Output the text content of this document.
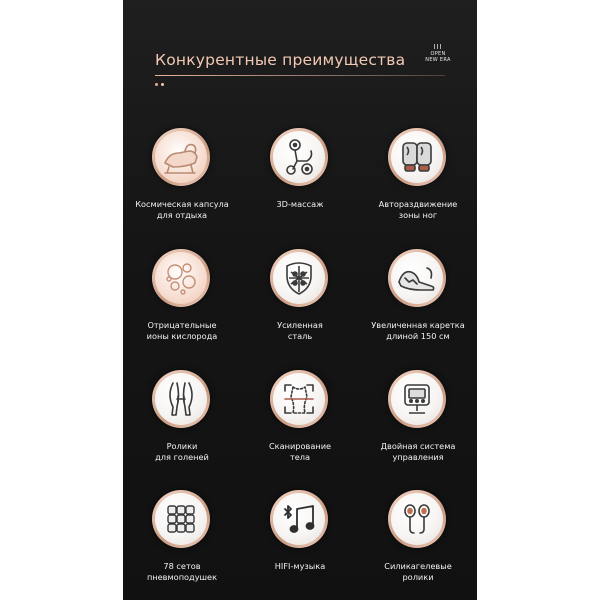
Конкурентные преимущества
III
OPEN
NEW ERA
Космическая капсула
для отдыха
3D-массаж	Автораздвижение
зоны ног
Отрицательные
ионы кислорода
Усиленная
сталь
Увеличенная каретка
длиной 150 см
Ролики
для голеней
Сканирование
тела
Двойная система
управления
78 сетов
пневмоподушек
HIFI-музыка	Силикагелевые
ролики
